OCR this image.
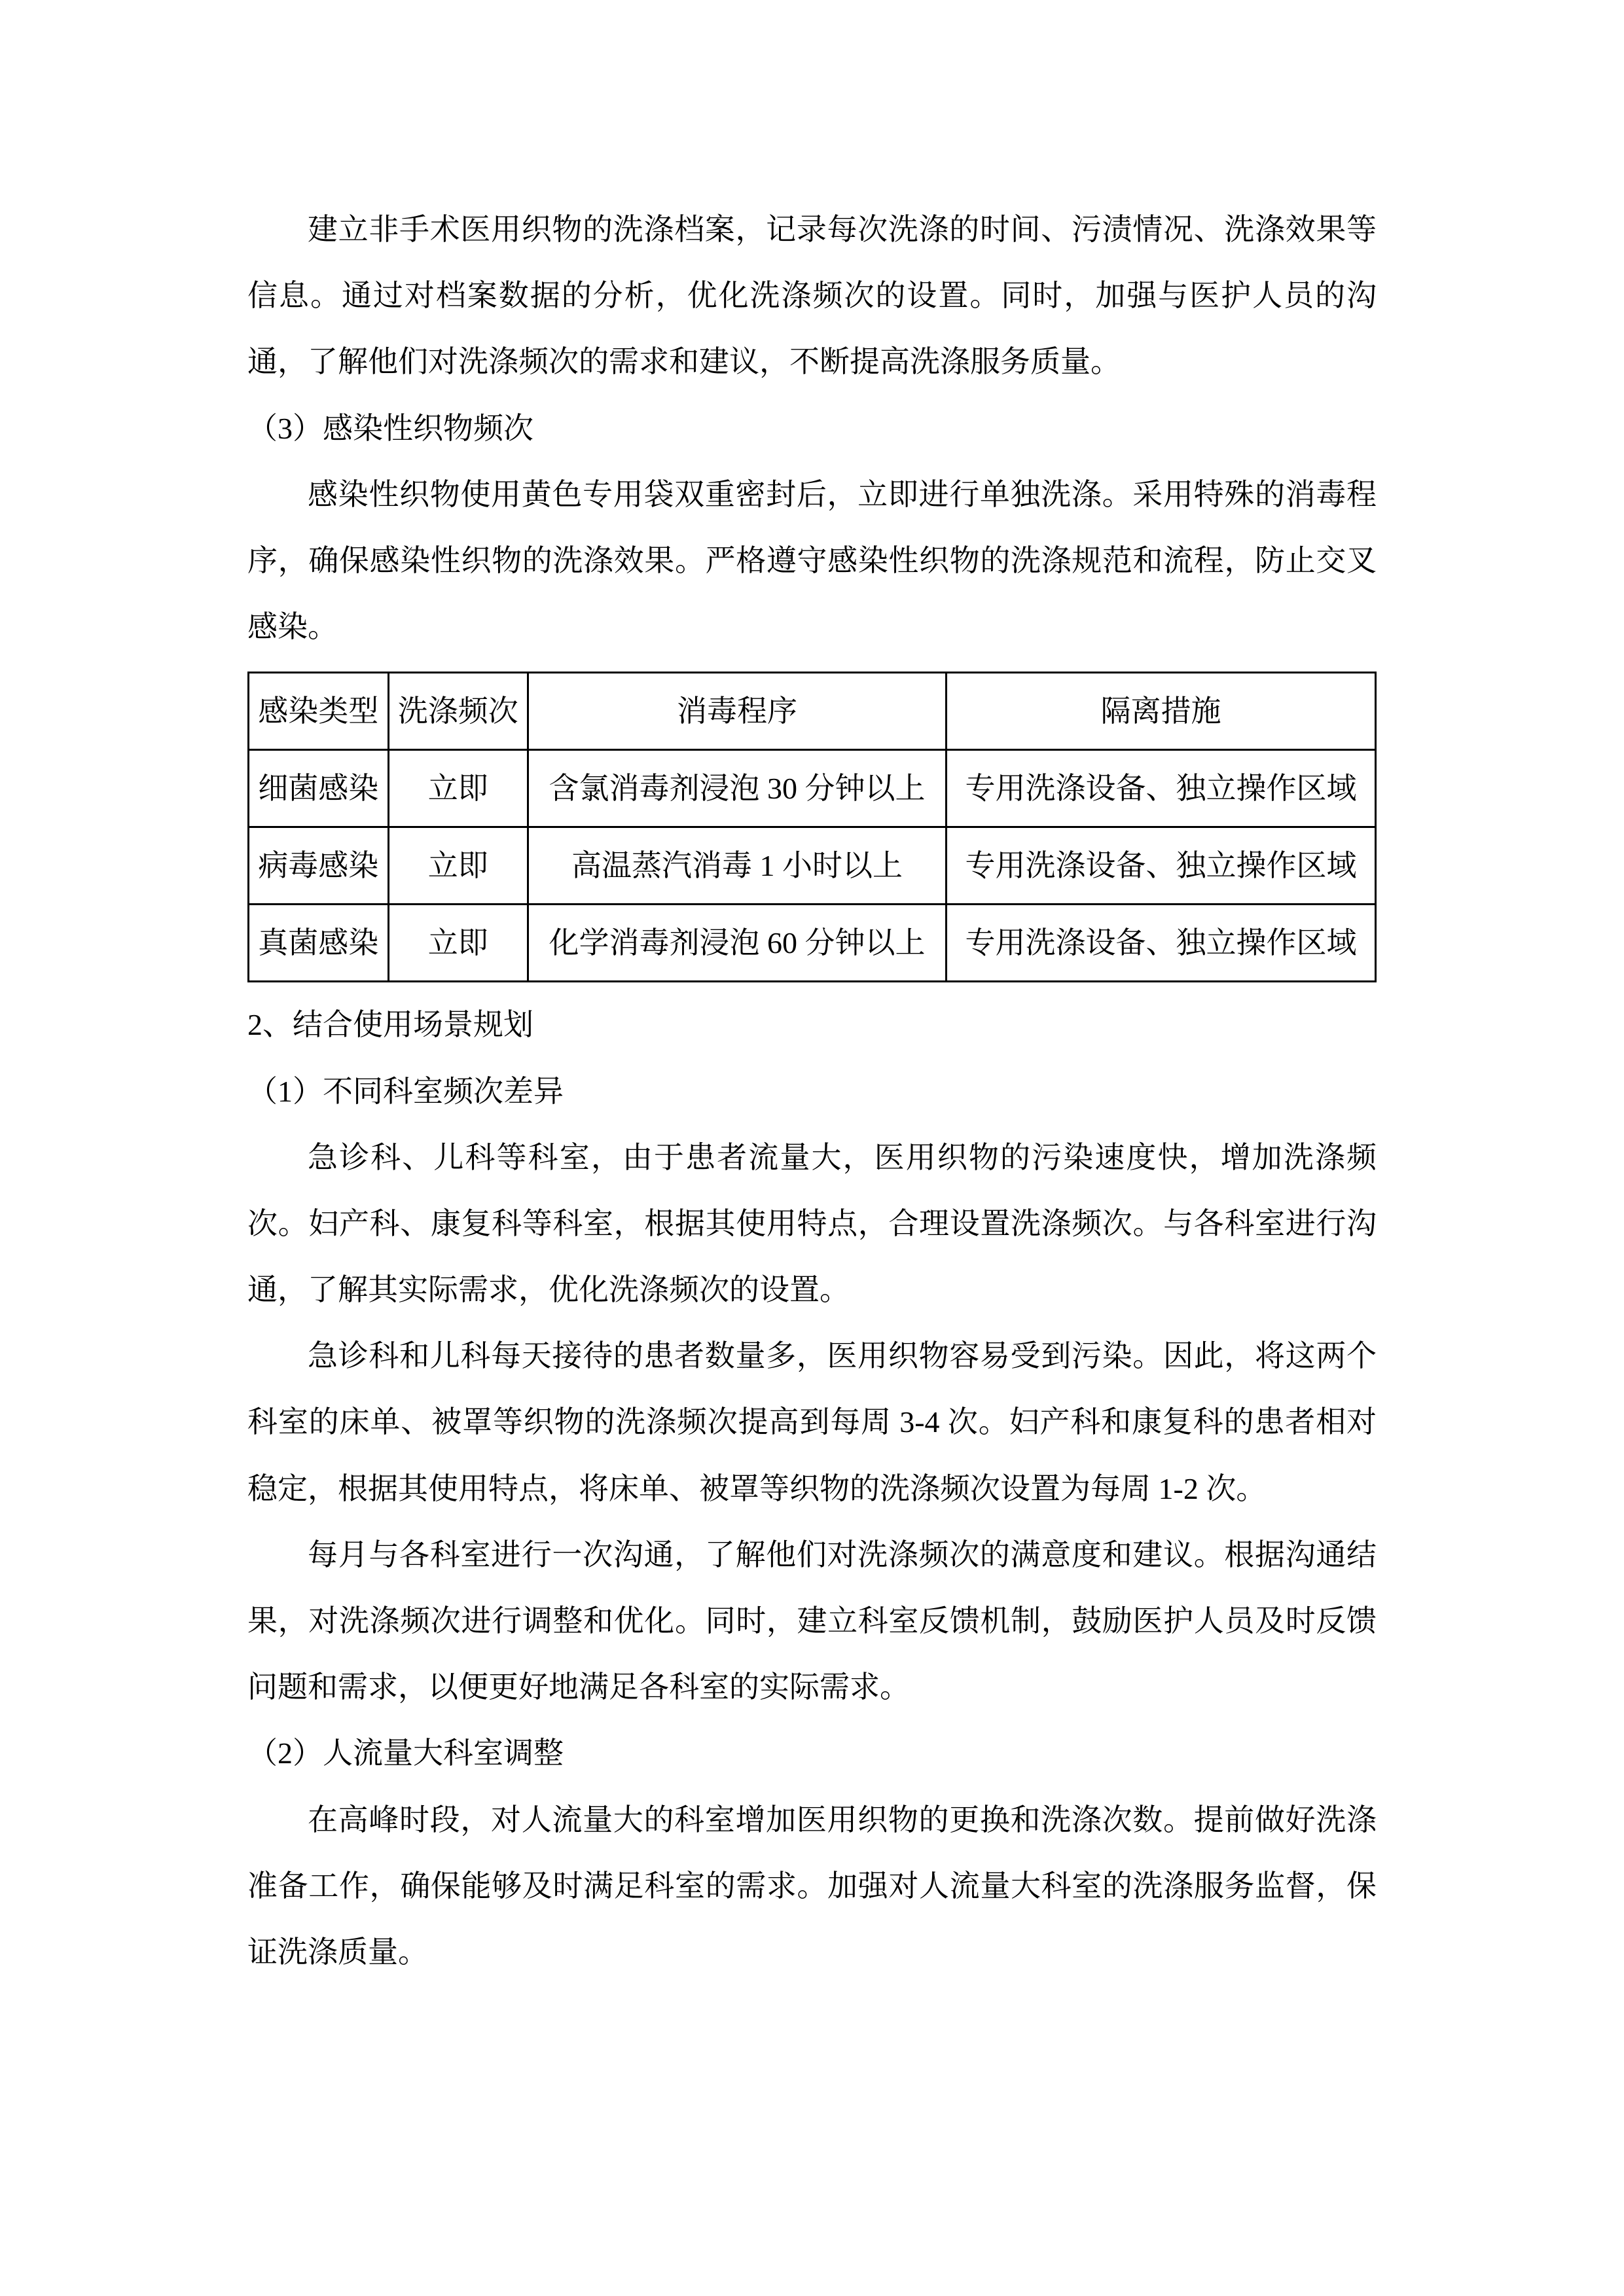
建立非手术医用织物的洗涤档案，记录每次洗涤的时间、污渍情况、洗涤效果等信息。通过对档案数据的分析，优化洗涤频次的设置。同时，加强与医护人员的沟通，了解他们对洗涤频次的需求和建议，不断提高洗涤服务质量。

（3）感染性织物频次

感染性织物使用黄色专用袋双重密封后，立即进行单独洗涤。采用特殊的消毒程序，确保感染性织物的洗涤效果。严格遵守感染性织物的洗涤规范和流程，防止交叉感染。

感染类型	洗涤频次	消毒程序	隔离措施
细菌感染	立即	含氯消毒剂浸泡 30 分钟以上	专用洗涤设备、独立操作区域
病毒感染	立即	高温蒸汽消毒 1 小时以上	专用洗涤设备、独立操作区域
真菌感染	立即	化学消毒剂浸泡 60 分钟以上	专用洗涤设备、独立操作区域

2、结合使用场景规划

（1）不同科室频次差异

急诊科、儿科等科室，由于患者流量大，医用织物的污染速度快，增加洗涤频次。妇产科、康复科等科室，根据其使用特点，合理设置洗涤频次。与各科室进行沟通，了解其实际需求，优化洗涤频次的设置。

急诊科和儿科每天接待的患者数量多，医用织物容易受到污染。因此，将这两个科室的床单、被罩等织物的洗涤频次提高到每周 3-4 次。妇产科和康复科的患者相对稳定，根据其使用特点，将床单、被罩等织物的洗涤频次设置为每周 1-2 次。

每月与各科室进行一次沟通，了解他们对洗涤频次的满意度和建议。根据沟通结果，对洗涤频次进行调整和优化。同时，建立科室反馈机制，鼓励医护人员及时反馈问题和需求，以便更好地满足各科室的实际需求。

（2）人流量大科室调整

在高峰时段，对人流量大的科室增加医用织物的更换和洗涤次数。提前做好洗涤准备工作，确保能够及时满足科室的需求。加强对人流量大科室的洗涤服务监督，保证洗涤质量。
